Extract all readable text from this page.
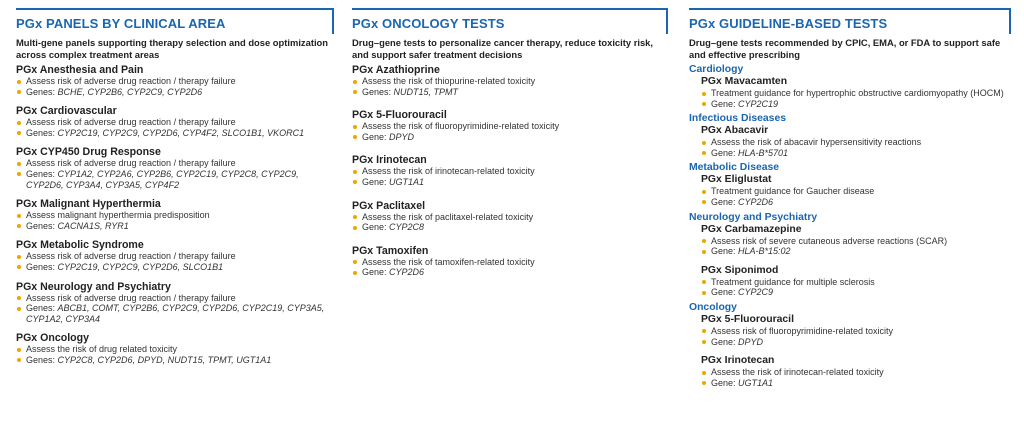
PGx PANELS BY CLINICAL AREA

Multi-gene panels supporting therapy selection and dose optimization across complex treatment areas

PGx Anesthesia and Pain
Assess risk of adverse drug reaction / therapy failure
Genes: BCHE, CYP2B6, CYP2C9, CYP2D6
PGx Cardiovascular
Assess risk of adverse drug reaction / therapy failure
Genes: CYP2C19, CYP2C9, CYP2D6, CYP4F2, SLCO1B1, VKORC1
PGx CYP450 Drug Response
Assess risk of adverse drug reaction / therapy failure
Genes: CYP1A2, CYP2A6, CYP2B6, CYP2C19, CYP2C8, CYP2C9, CYP2D6, CYP3A4, CYP3A5, CYP4F2
PGx Malignant Hyperthermia
Assess malignant hyperthermia predisposition
Genes: CACNA1S, RYR1
PGx Metabolic Syndrome
Assess risk of adverse drug reaction / therapy failure
Genes: CYP2C19, CYP2C9, CYP2D6, SLCO1B1
PGx Neurology and Psychiatry
Assess risk of adverse drug reaction / therapy failure
Genes: ABCB1, COMT, CYP2B6, CYP2C9, CYP2D6, CYP2C19, CYP3A5, CYP1A2, CYP3A4
PGx Oncology
Assess the risk of drug related toxicity
Genes: CYP2C8, CYP2D6, DPYD, NUDT15, TPMT, UGT1A1
PGx ONCOLOGY TESTS

Drug–gene tests to personalize cancer therapy, reduce toxicity risk, and support safer treatment decisions

PGx Azathioprine
Assess the risk of thiopurine-related toxicity
Genes: NUDT15, TPMT
PGx 5-Fluorouracil
Assess the risk of fluoropyrimidine-related toxicity
Gene: DPYD
PGx Irinotecan
Assess the risk of irinotecan-related toxicity
Gene: UGT1A1
PGx Paclitaxel
Assess the risk of paclitaxel-related toxicity
Gene: CYP2C8
PGx Tamoxifen
Assess the risk of tamoxifen-related toxicity
Gene: CYP2D6
PGx GUIDELINE-BASED TESTS

Drug–gene tests recommended by CPIC, EMA, or FDA to support safe and effective prescribing

Cardiology
PGx Mavacamten
Treatment guidance for hypertrophic obstructive cardiomyopathy (HOCM)
Gene: CYP2C19
Infectious Diseases
PGx Abacavir
Assess the risk of abacavir hypersensitivity reactions
Gene: HLA-B*5701
Metabolic Disease
PGx Eliglustat
Treatment guidance for Gaucher disease
Gene: CYP2D6
Neurology and Psychiatry
PGx Carbamazepine
Assess risk of severe cutaneous adverse reactions (SCAR)
Gene: HLA-B*15:02
PGx Siponimod
Treatment guidance for multiple sclerosis
Gene: CYP2C9
Oncology
PGx 5-Fluorouracil
Assess risk of fluoropyrimidine-related toxicity
Gene: DPYD
PGx Irinotecan
Assess the risk of irinotecan-related toxicity
Gene: UGT1A1
